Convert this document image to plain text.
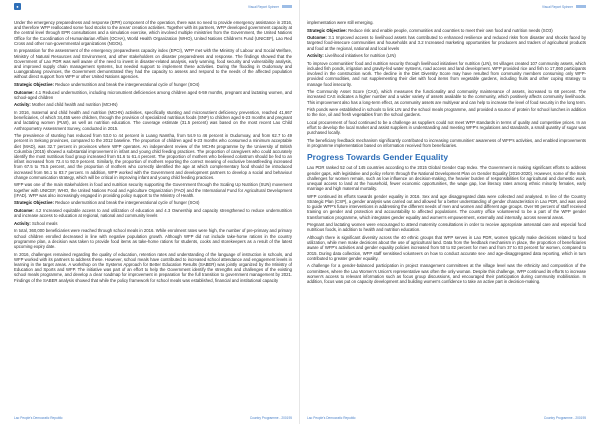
●	Visual Report Spinner

Under the emergency preparedness and response (EPR) component of the operation, there was no need to provide emergency assistance in 2016, and therefore WFP reallocated some food stocks to the areas' creation activities. Together with its partners, WFP developed government capacity at the central level through EPR consultations and a simulation exercise, which involved multiple ministries from the Government, the United Nations Office for the Coordination of Humanitarian Affairs (OCHA), World Health Organization (WHO), United Nations Children's Fund (UNICEF), Lao Red Cross and other non-governmental organizations (NGOs).

In preparation for the assessment of the emergency preparedness capacity index (EPCI), WFP met with the Ministry of Labour and Social Welfare, Ministry of Natural Resources and Environment, and other stakeholders on disaster preparedness and response. The findings showed that the Government of Lao PDR was well aware of the need to invest in disaster-related analysis, early warning, food security and vulnerability analysis, and improved supply chain management systems, but needed support to implement these activities. During the flooding in Oudomxay and Luangprabang provinces, the Government demonstrated they had the capacity to assess and respond to the needs of the affected population without direct support from WFP or other United Nations agencies.

Strategic Objective: Reduce undernutrition and break the intergenerational cycle of hunger (SO4)

Outcome: 4.1 Reduced undernutrition, including micronutrient deficiencies among children aged 6-59 months, pregnant and lactating women, and school-aged children

Activity: Mother and child health and nutrition (MCHN)

In 2016, maternal and child health and nutrition (MCHN) activities, specifically stunting and micronutrient deficiency prevention, reached 41,667 beneficiaries, of which 34,455 were children, through the provision of specialized nutritious foods (SNF) to children aged 6-23 months and pregnant and lactating women (PLW), as well as nutrition education. The coverage estimate (31.5 percent) was based on the most recent Lao Child Anthropometry Assessment Survey, conducted in 2015.

The prevalence of stunting has reduced from 53.0 to 44 percent in Luang Namtha, from 54.9 to 46 percent in Oudomxay, and from 62.7 to 49 percent in Sekong provinces, compared to the 2012 baseline. The proportion of children aged 6-23 months who consumed a minimum acceptable diet (MAD), was 32.7 percent in provinces where WFP operates. An independent review of the MCHN programme by the University of British Columbia (2015) showed a substantial improvement in infant and young child feeding practices. The proportion of caregivers who could accurately identify the most nutritious food group increased from 51.6 to 61.4 percent. The proportion of mothers who believed colostrum should be fed to an infant increased from 72.4 to 92.9 percent. Similarly, the proportion of mothers reporting the correct meaning of exclusive breastfeeding increased from 67.5 to 75.5 percent, and the proportion of mothers who correctly identified the age at which complementary food should be introduced increased from 56.1 to 83.7 percent. In addition, WFP worked with the Government and development partners to develop a social and behaviour change communication strategy, which will be critical in improving infant and young child feeding practices.

WFP was one of the main stakeholders in food and nutrition security supporting the Government through the Scaling Up Nutrition (SUN) movement together with UNICEF, WHO, the United Nations Food and Agriculture Organization (FAO) and the International Fund for Agricultural Development (IFAD). WFP was also increasingly engaged in providing policy support to the Ministry of Health.

Strategic Objective: Reduce undernutrition and break the intergenerational cycle of hunger (SO4)

Outcome: 4.2 Increased equitable access to and utilization of education and 4.3 Ownership and capacity strengthened to reduce undernutrition and increase access to education at regional, national and community levels

Activity: School meals

In total, 360,000 beneficiaries were reached through school meals in 2016. While enrolment rates were high, the number of pre-primary and primary school children enrolled decreased in line with negative population growth. Although WFP did not include take-home rations in the country programme plan, a decision was taken to provide food items as take-home rations for students, cooks and storekeepers as a result of the latest upcoming expiry date.

In 2016, challenges remained regarding the quality of education, retention rates and understanding of the language of instruction in schools, and WFP worked with its partners to address these. However, school meals have contributed to increased school attendance and engagement levels in learning in the target areas. A workshop on the Systems Approach for Better Education Results (SABER) was jointly organized by the Ministry of Education and Sports and WFP. The initiative was part of an effort to help the Government identify the strengths and challenges of the existing school meals programme, and develop a clear roadmap for improvement in preparation for the full transition to government management by 2021. Findings of the SABER analysis showed that while the policy framework for school meals was established, financial and institutional capacity

Lao People's Democratic Republic	Country Programme - 200195
Visual Report Spinner

implementation were still emerging.

Strategic Objective: Reduce risk and enable people, communities and countries to meet their own food and nutrition needs (SO3)

Outcome: 3.1 Improved access to livelihood assets has contributed to enhanced resilience and reduced risks from disaster and shocks faced by targeted food-insecure communities and households and 3.2 Increased marketing opportunities for producers and traders of agricultural products and food at the regional, national and local levels

Activity: Livelihood initiatives for nutrition (LIN)

To improve communities' food and nutrition security through livelihood initiatives for nutrition (LIN), 94 villages created 107 community assets, which included fish ponds, irrigation and gravity-fed water systems, road access and land development. WFP provided rice and fish to 17,060 participants involved in the construction work. The decline in the Diet Diversity Score may have resulted from community members consuming only WFP-provided commodities, and not supplementing their diet with food items from vegetable gardens, including fruits and other coping strategy to manage food insecurity.

The Community Asset Score (CAS), which measures the functionality and community maintenance of assets, increased to 68 percent. The increased CAS indicates a higher number and a wider variety of assets available to the community, which positively affects community livelihoods. This improvement also has a long-term effect, as community assets are multiyear and can help to increase the level of food security in the long term.

Fish ponds were established in schools to link LIN and the school meals programme, and provided a source of protein for school lunches in addition to the rice, oil and fresh vegetables from the school gardens.

Local procurement of food continued to be a challenge as suppliers could not meet WFP standards in terms of quality and competitive prices. In an effort to develop the local market and assist suppliers in understanding and meeting WFP's regulations and standards, a small quantity of sugar was purchased locally.

The beneficiary feedback mechanism significantly contributed to increasing communities' awareness of WFP's activities, and enabled improvements in programme implementation based on information received from beneficiaries.

Progress Towards Gender Equality

Lao PDR ranked 52 out of 145 countries according to the 2015 Global Gender Gap Index. The Government is making significant efforts to address gender gaps, with legislative and policy reform through the National Development Plan on Gender Equality (2016-2020). However, some of the main challenges for women remain, such as low influence on decision-making, the heavier burden of responsibilities for agricultural and domestic work, unequal access to land at the household, fewer economic opportunities, the wage gap, low literacy rates among ethnic minority females, early marriage and high maternal mortality.

WFP continued its efforts towards gender equality in 2016. Sex and age disaggregated data were collected and analysed. In line of the Country Strategic Plan (CSP), a gender analysis was carried out and allowed for a better understanding of gender characteristics in Lao PDR, and was used to guide WFP's future interventions in addressing the different needs of men and women and different age groups. Over 90 percent of staff received training on gender and protection and accountability to affected populations. The country office volunteered to be a part of the WFP gender transformation programme, which integrates gender equality and women's empowerment, externally and internally, across several areas.

Pregnant and lactating women were encouraged to attend maternity consultations in order to receive appropriate antenatal care and especial food nutritious foods, in addition to health and nutrition education.

Although there is significant diversity across the 40 ethnic groups that WFP serves in Lao PDR, women typically make decisions related to food utilization, while men make decisions about the use of agricultural land. Data from the feedback mechanism in place, the proportion of beneficiaries aware of WFP's activities and gender equality policies increased from 50 to 82 percent for men and from 37 to 83 percent for women, compared to 2015. During data collection, WFP staff sensitised volunteers on how to conduct accurate sex- and age-disaggregated data reporting, which in turn contributed to greater gender equality.

A challenge for a gender-balanced participation in project management committees at the village level was the ethnicity and composition of the committees, where the Lao Women's Union's representative was often the only woman. Despite this challenge, WFP continued its efforts to increase women's access to relevant information such as focus group discussions, and encouraged their participation during community mobilisation. In addition, focus was put on capacity development and building women's confidence to take an active part in decision-making.

Lao People's Democratic Republic	Country Programme - 200195
